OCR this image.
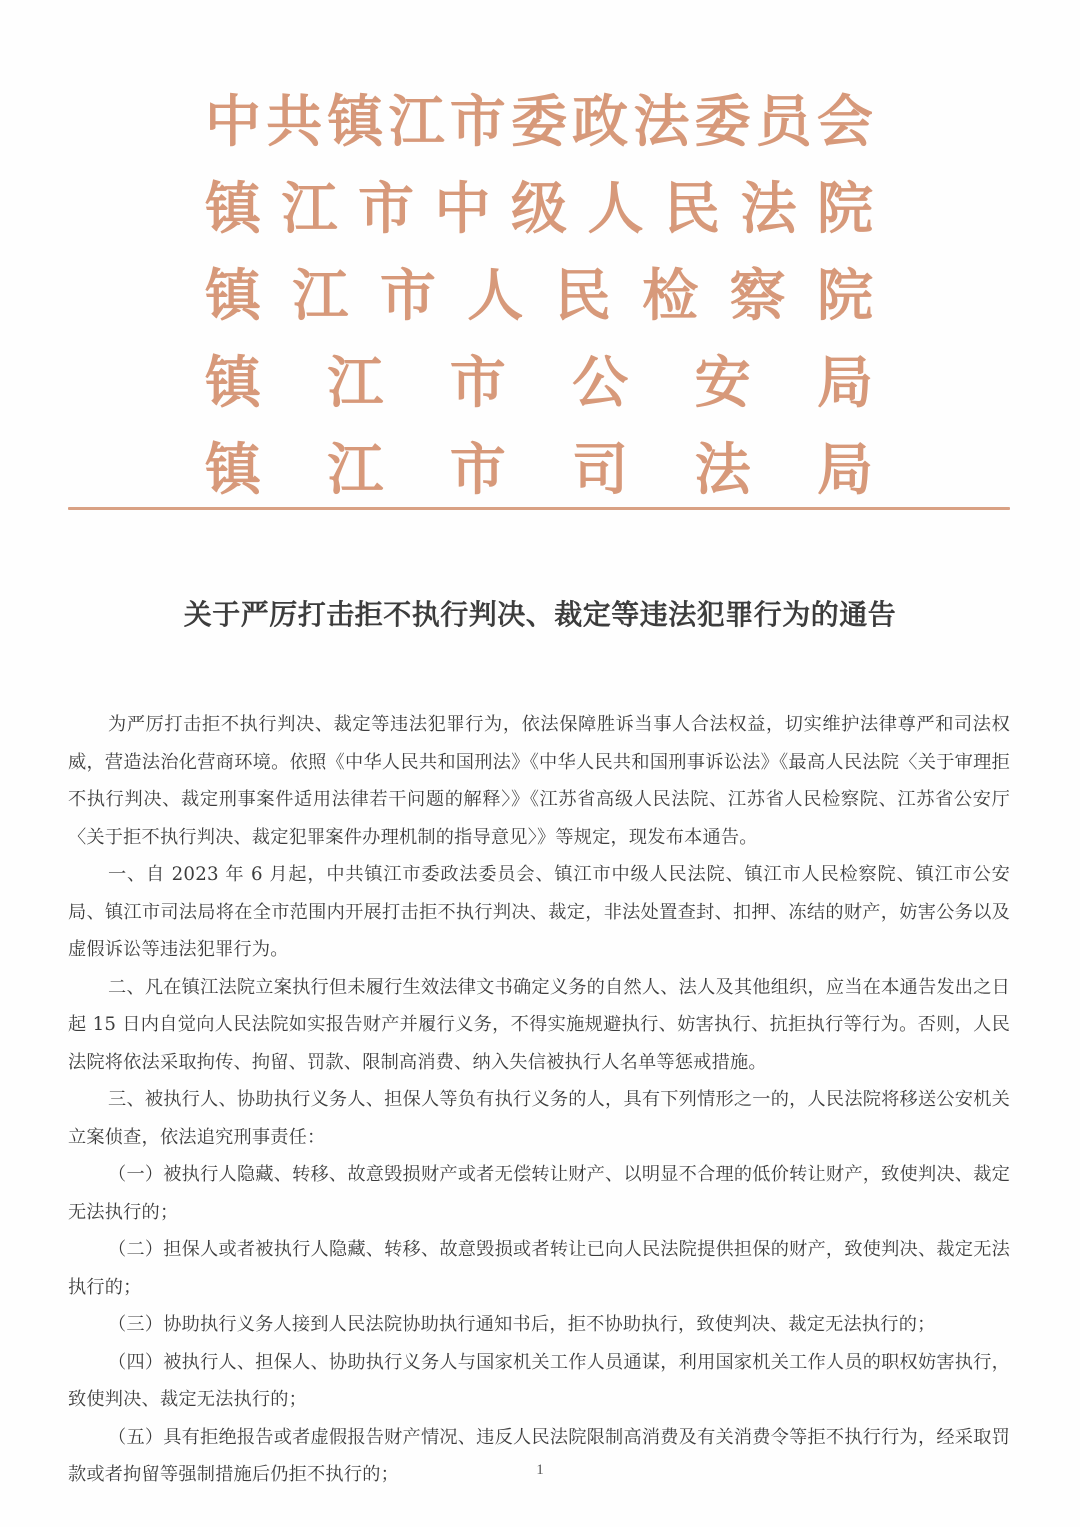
中 共 镇 江 市 委 政 法 委 员 会
镇 江 市 中 级 人 民 法 院
镇 江 市 人 民 检 察 院
镇 江 市 公 安 局
镇 江 市 司 法 局
关于严厉打击拒不执行判决、裁定等违法犯罪行为的通告

为严厉打击拒不执行判决、裁定等违法犯罪行为，依法保障胜诉当事人合法权益，切实维护法律尊严和司法权威，营造法治化营商环境。依照《中华人民共和国刑法》《中华人民共和国刑事诉讼法》《最高人民法院〈关于审理拒不执行判决、裁定刑事案件适用法律若干问题的解释〉》《江苏省高级人民法院、江苏省人民检察院、江苏省公安厅〈关于拒不执行判决、裁定犯罪案件办理机制的指导意见〉》等规定，现发布本通告。

一、自 2023 年 6 月起，中共镇江市委政法委员会、镇江市中级人民法院、镇江市人民检察院、镇江市公安局、镇江市司法局将在全市范围内开展打击拒不执行判决、裁定，非法处置查封、扣押、冻结的财产，妨害公务以及虚假诉讼等违法犯罪行为。

二、凡在镇江法院立案执行但未履行生效法律文书确定义务的自然人、法人及其他组织，应当在本通告发出之日起 15 日内自觉向人民法院如实报告财产并履行义务，不得实施规避执行、妨害执行、抗拒执行等行为。否则，人民法院将依法采取拘传、拘留、罚款、限制高消费、纳入失信被执行人名单等惩戒措施。

三、被执行人、协助执行义务人、担保人等负有执行义务的人，具有下列情形之一的，人民法院将移送公安机关立案侦查，依法追究刑事责任：

（一）被执行人隐藏、转移、故意毁损财产或者无偿转让财产、以明显不合理的低价转让财产，致使判决、裁定无法执行的；

（二）担保人或者被执行人隐藏、转移、故意毁损或者转让已向人民法院提供担保的财产，致使判决、裁定无法执行的；

（三）协助执行义务人接到人民法院协助执行通知书后，拒不协助执行，致使判决、裁定无法执行的；

（四）被执行人、担保人、协助执行义务人与国家机关工作人员通谋，利用国家机关工作人员的职权妨害执行，致使判决、裁定无法执行的；

（五）具有拒绝报告或者虚假报告财产情况、违反人民法院限制高消费及有关消费令等拒不执行行为，经采取罚款或者拘留等强制措施后仍拒不执行的；	1
